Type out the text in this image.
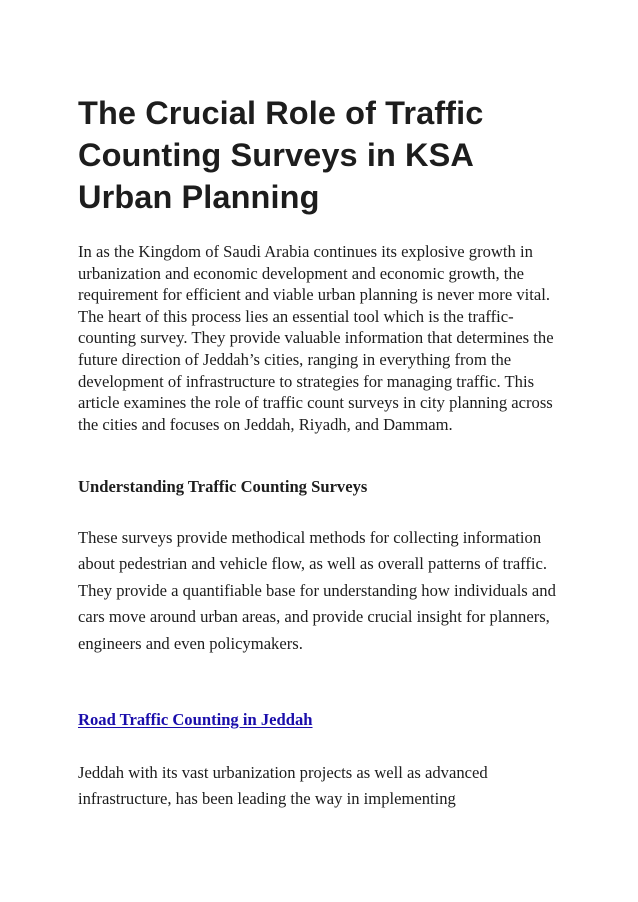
The Crucial Role of Traffic Counting Surveys in KSA Urban Planning

In as the Kingdom of Saudi Arabia continues its explosive growth in urbanization and economic development and economic growth, the requirement for efficient and viable urban planning is never more vital. The heart of this process lies an essential tool which is the traffic-counting survey. They provide valuable information that determines the future direction of Jeddah’s cities, ranging in everything from the development of infrastructure to strategies for managing traffic. This article examines the role of traffic count surveys in city planning across the cities and focuses on Jeddah, Riyadh, and Dammam.

Understanding Traffic Counting Surveys

These surveys provide methodical methods for collecting information about pedestrian and vehicle flow, as well as overall patterns of traffic. They provide a quantifiable base for understanding how individuals and cars move around urban areas, and provide crucial insight for planners, engineers and even policymakers.

Road Traffic Counting in Jeddah

Jeddah with its vast urbanization projects as well as advanced infrastructure, has been leading the way in implementing
